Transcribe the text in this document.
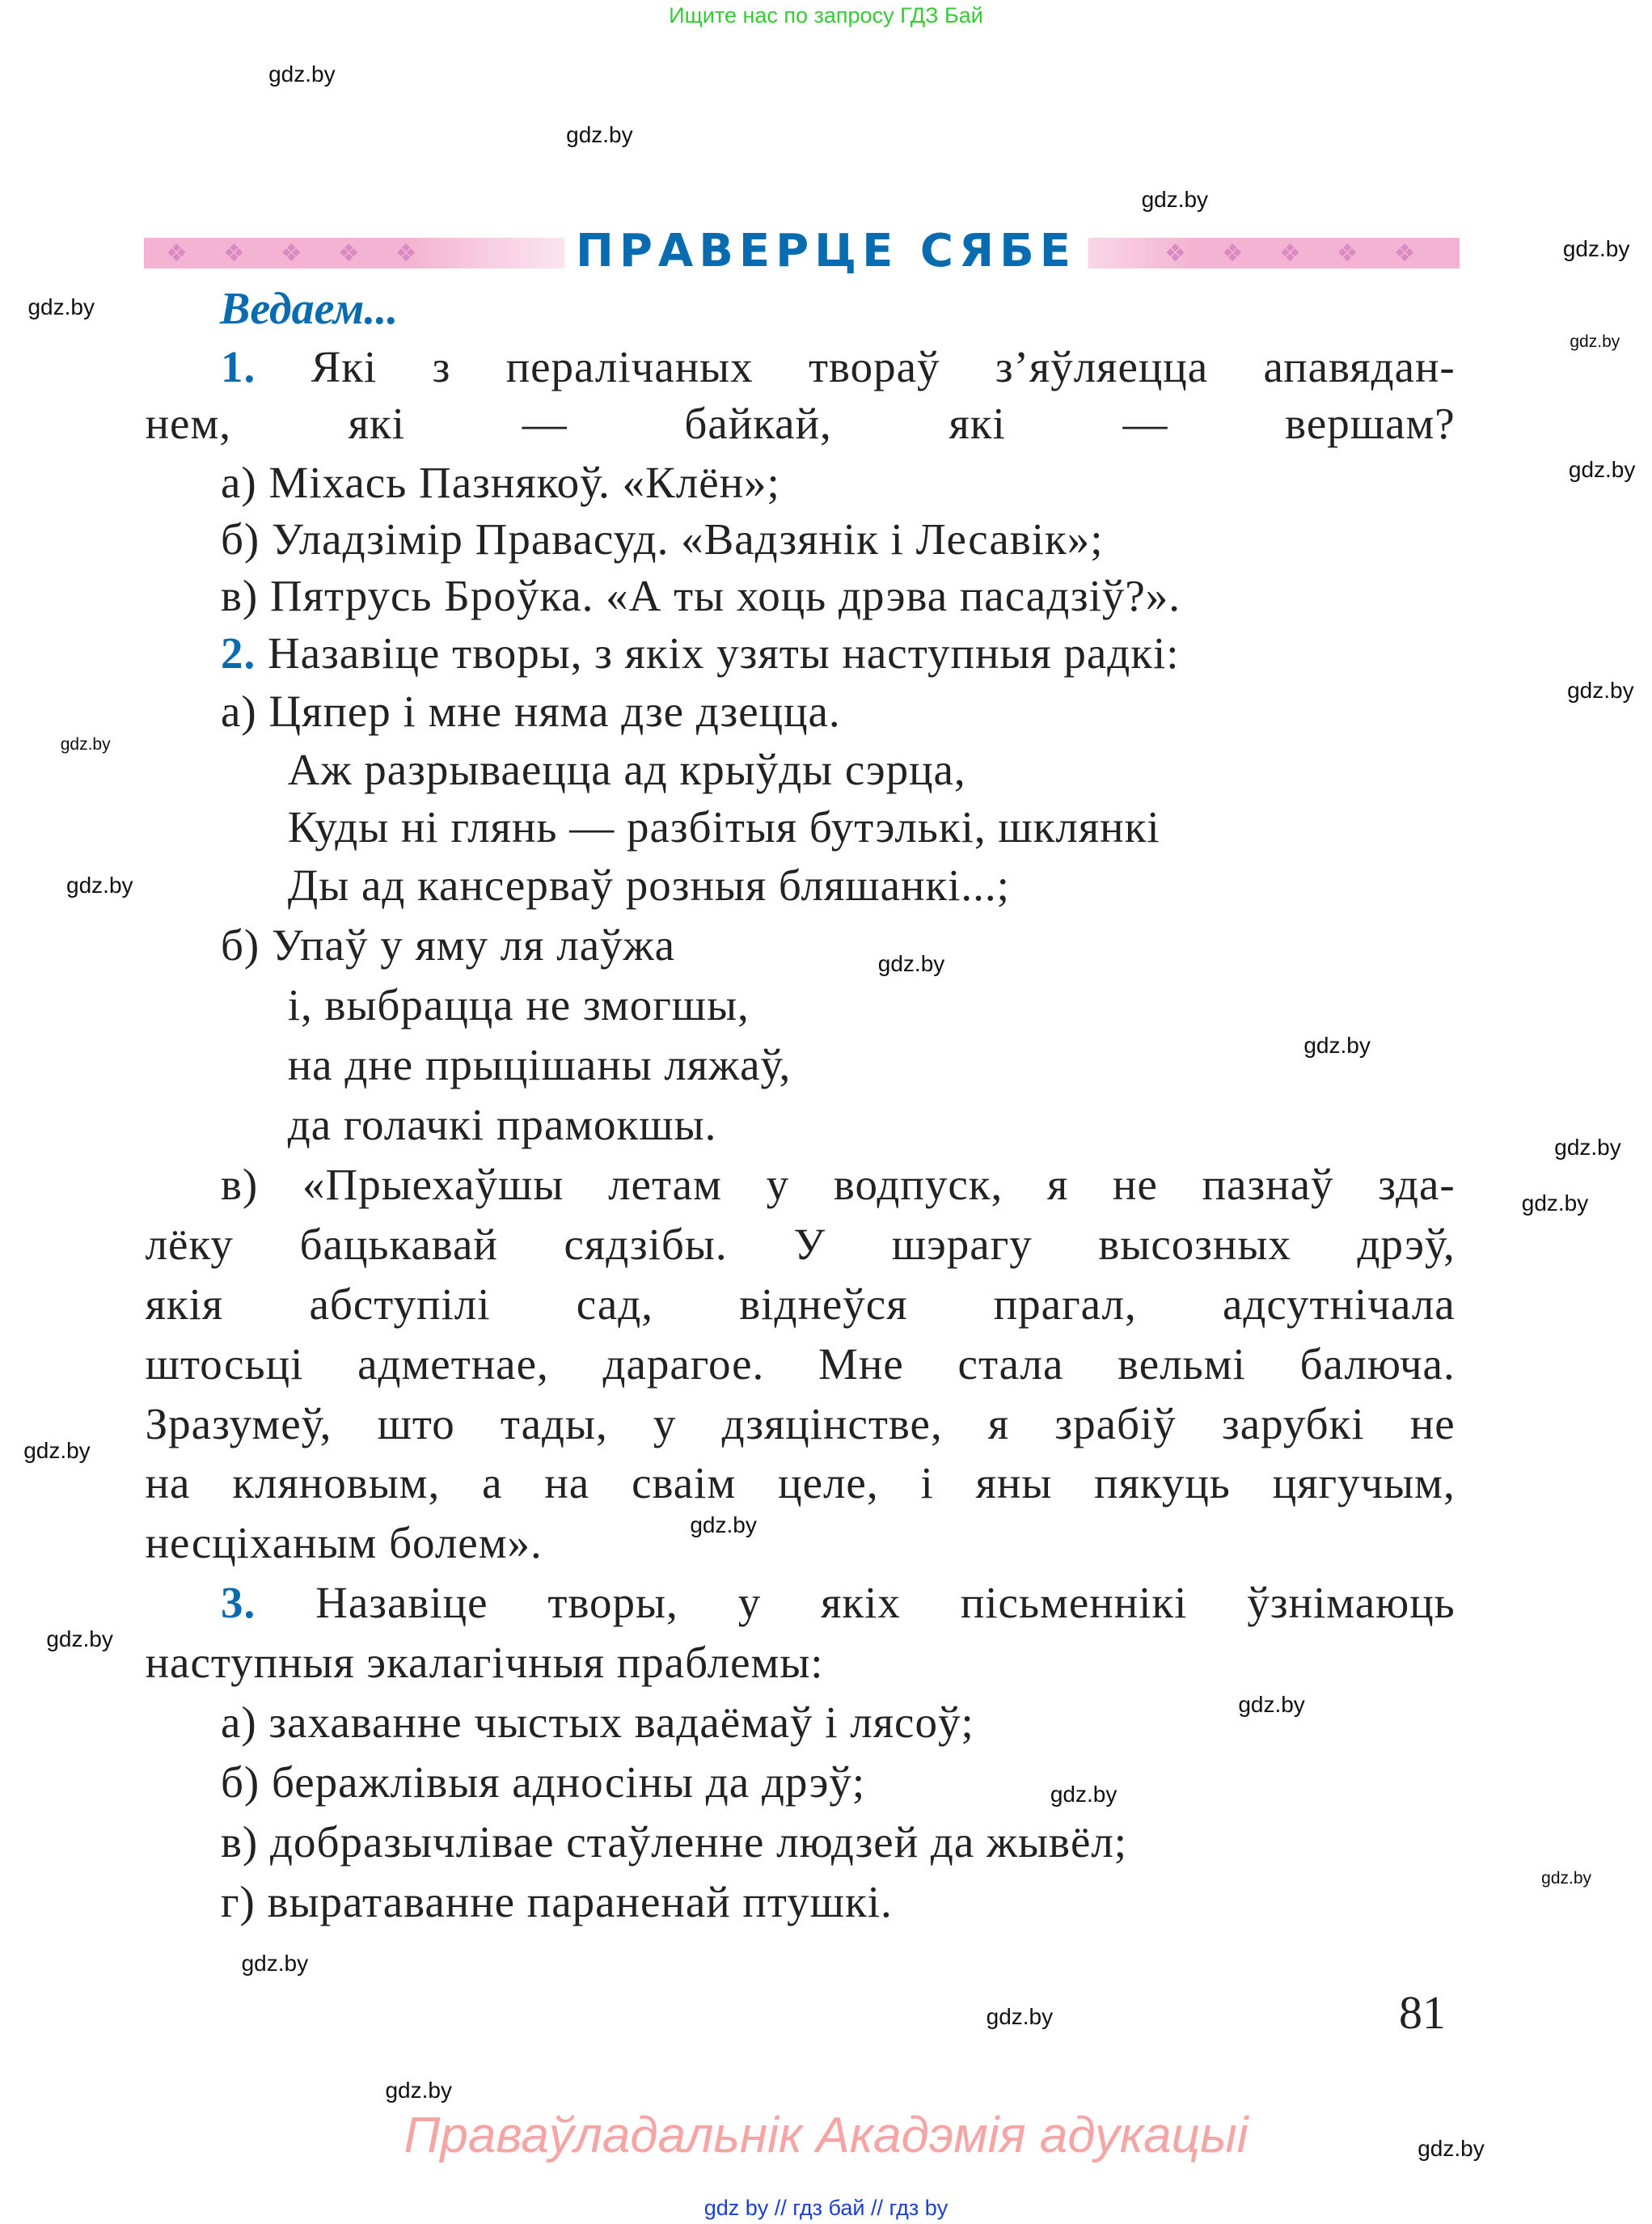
Ищите нас по запросу ГДЗ Бай
❖ ❖ ❖ ❖ ❖	❖ ❖ ❖ ❖ ❖
ПРАВЕРЦЕ СЯБЕ
Ведаем...
1. Які з пералічаных твораў з’яўляецца апавядан-
нем, які — байкай, які — вершам?
а) Міхась Пазнякоў. «Клён»;
б) Уладзімір Правасуд. «Вадзянік і Лесавік»;
в) Пятрусь Броўка. «А ты хоць дрэва пасадзіў?».
2. Назавіце творы, з якіх узяты наступныя радкі:
а) Цяпер і мне няма дзе дзецца.
Аж разрываецца ад крыўды сэрца,
Куды ні глянь — разбітыя бутэлькі, шклянкі
Ды ад кансерваў розныя бляшанкі...;
б) Упаў у яму ля лаўжа
і, выбрацца не змогшы,
на дне прыцішаны ляжаў,
да голачкі прамокшы.
в) «Прыехаўшы летам у водпуск, я не пазнаў зда-
лёку бацькавай сядзібы. У шэрагу высозных дрэў,
якія абступілі сад, віднеўся прагал, адсутнічала
штосьці адметнае, дарагое. Мне стала вельмі балюча.
Зразумеў, што тады, у дзяцінстве, я зрабіў зарубкі не
на кляновым, а на сваім целе, і яны пякуць цягучым,
несціханым болем».
3. Назавіце творы, у якіх пісьменнікі ўзнімаюць
наступныя экалагічныя праблемы:
а) захаванне чыстых вадаёмаў і лясоў;
б) беражлівыя адносіны да дрэў;
в) добразычлівае стаўленне людзей да жывёл;
г) выратаванне параненай птушкі.
gdz.by
gdz.by
gdz.by
gdz.by
gdz.by
gdz.by
gdz.by
gdz.by
gdz.by
gdz.by
gdz.by
gdz.by
gdz.by
gdz.by
gdz.by
gdz.by
gdz.by
gdz.by
gdz.by
gdz.by
gdz.by
gdz.by
gdz.by
gdz.by
81
Праваўладальнік Акадэмія адукацыі
gdz by // гдз бай // гдз by
